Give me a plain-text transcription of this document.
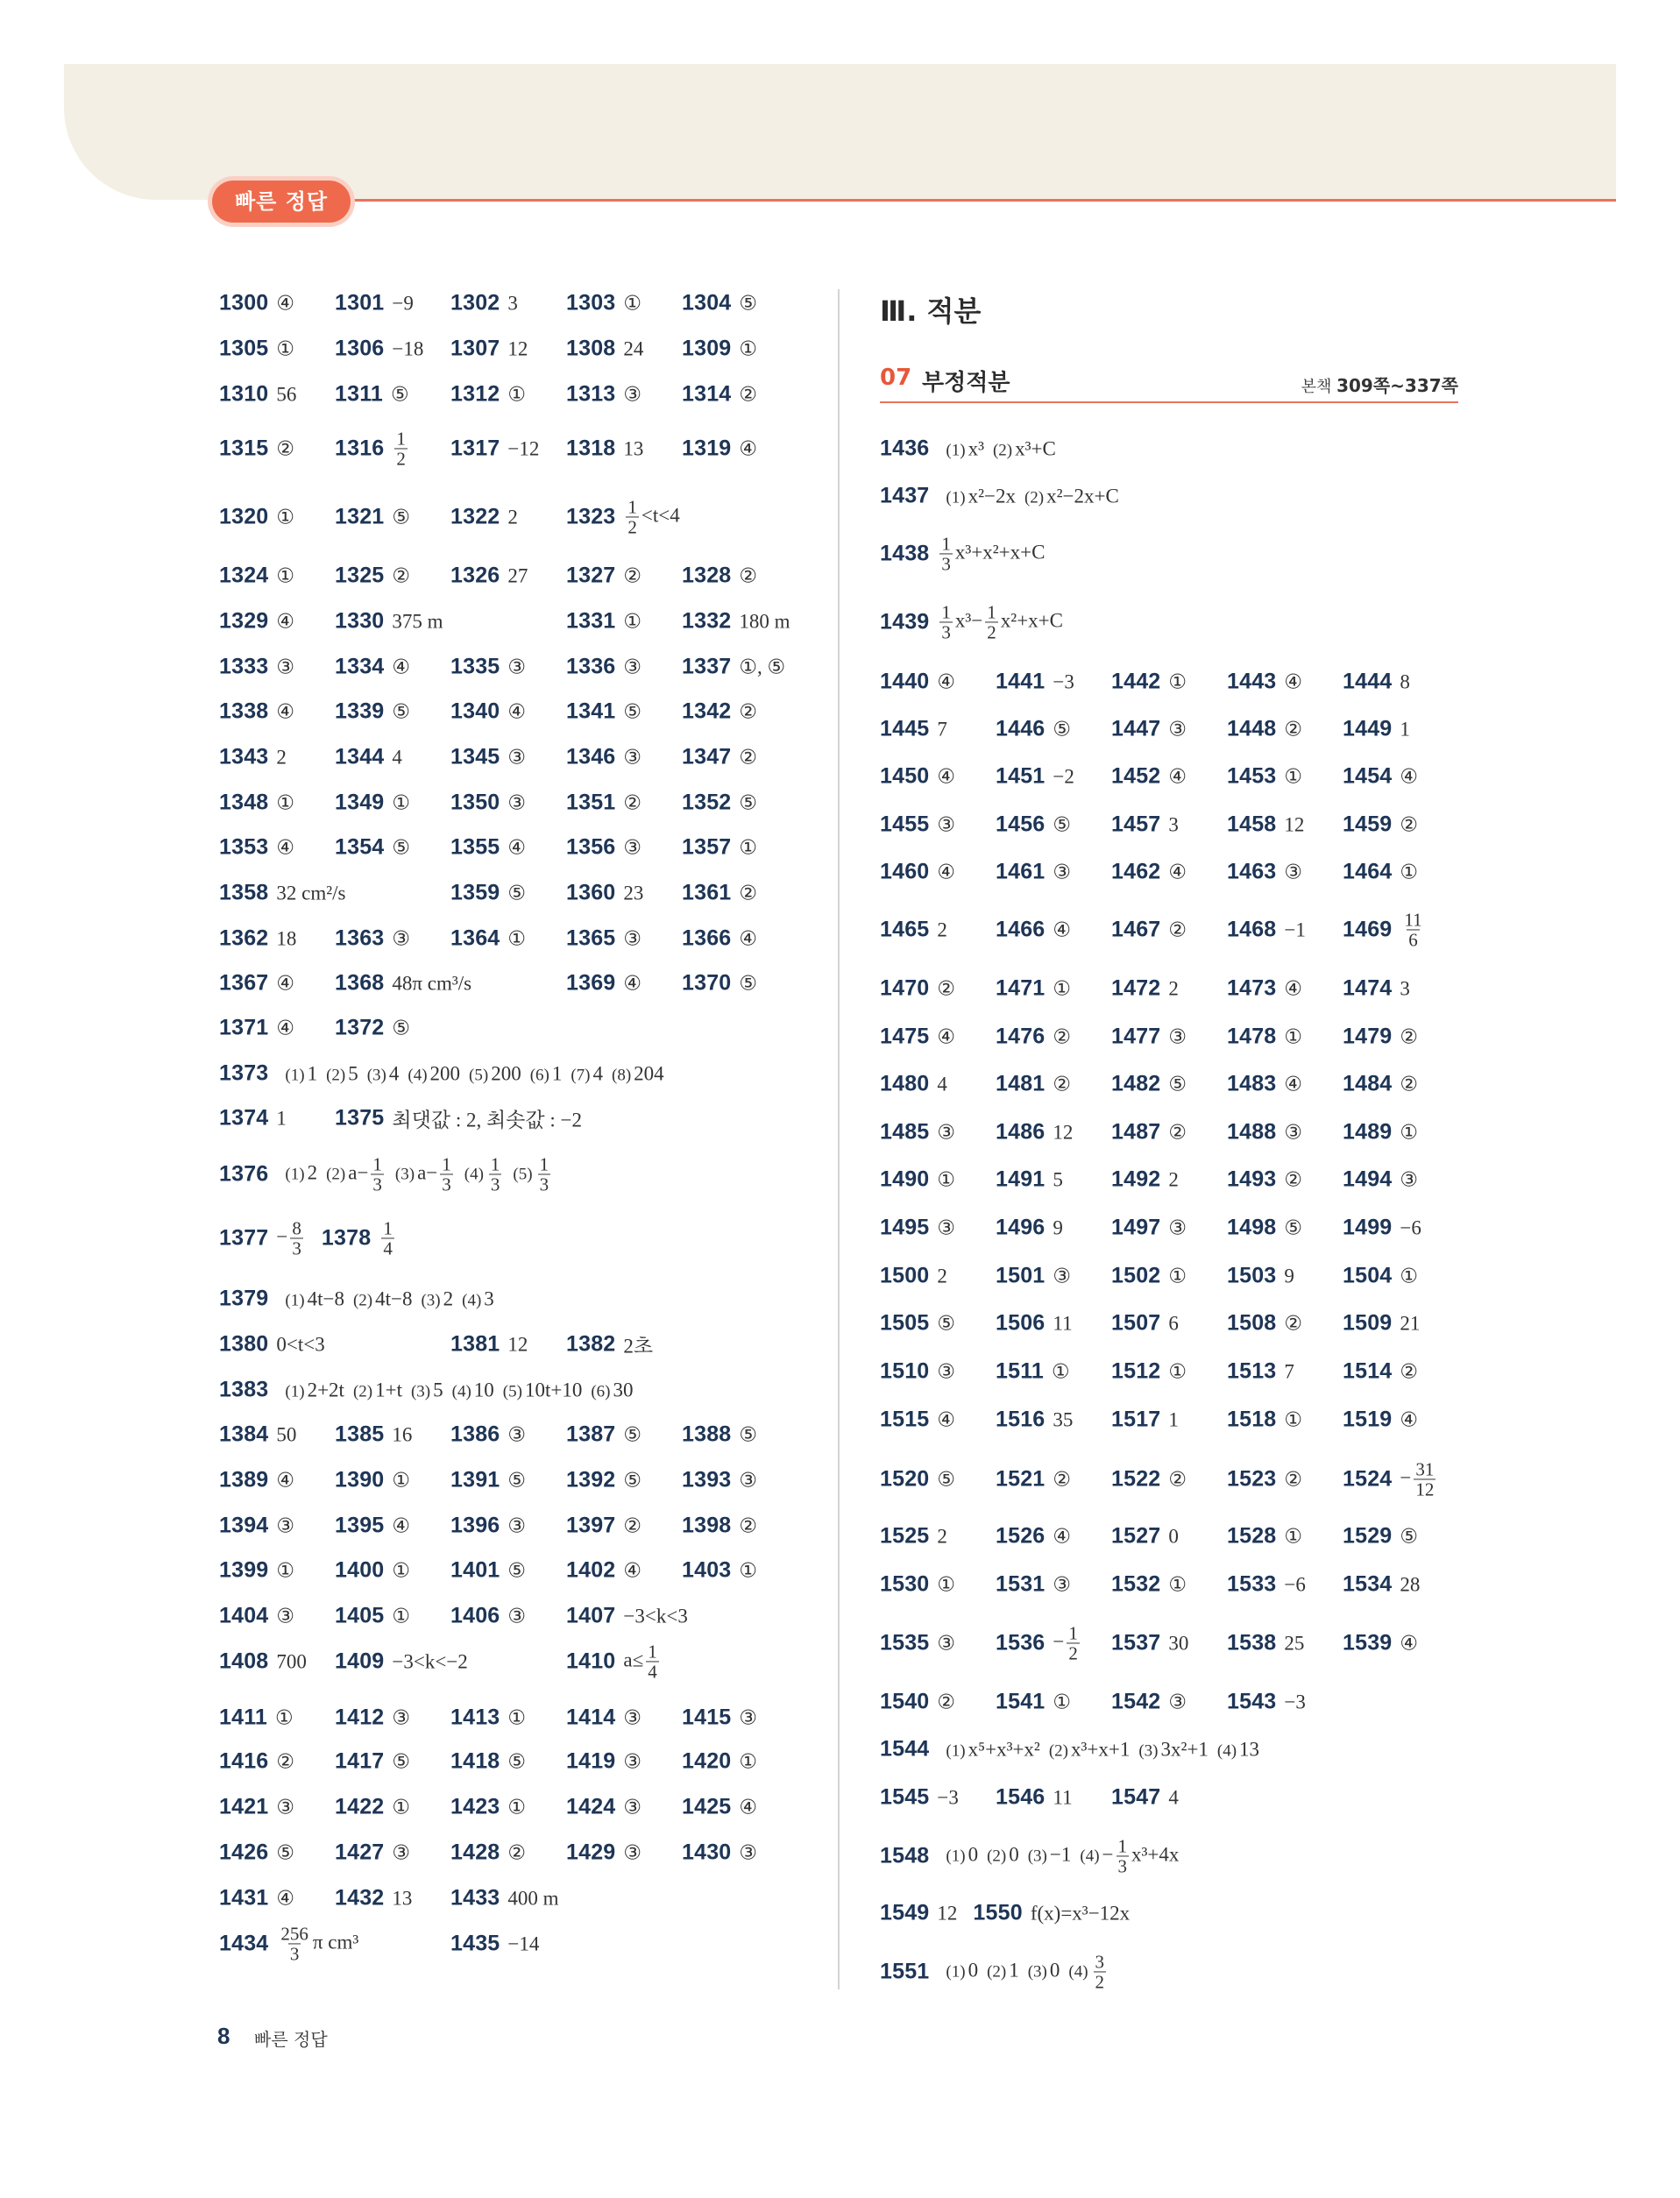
빠른 정답
1300 ④ 1301 −9 1302 3 1303 ① 1304 ⑤
1305 ① 1306 −18 1307 12 1308 24 1309 ①
1310 56 1311 ⑤ 1312 ① 1313 ③ 1314 ②
1315 ② $1316 \frac{1}{2} 1317 -12$ 1318 13 1319 ④
1320 ① 1321 ⑤ 1322 2 $1323 \frac{1}{2} <t<4$
1324 ① 1325 ② 1326 27 1327 ② 1328 ②
1329 ④ 1330 375 m	1331 ① 1332 180 m
1333 ③ 1334 ④ 1335 ③ 1336 ③ 1337 ①, ⑤
1338 ④ 1339 ⑤ 1340 ④ 1341 ⑤ 1342 ②
1343 2 1344 4 1345 ③ 1346 ③ 1347 ②
1348 ① 1349 ① 1350 ③ 1351 ② 1352 ⑤
1353 ④ 1354 ⑤ 1355 ④ 1356 ③ 1357 ①
1358 32 cm²/s	1359 ⑤ 1360 23 1361 ②
1362 18 1363 ③ 1364 ① 1365 ③ 1366 ④
1367 ④ 1368 48π cm³/s	1369 ④ 1370 ⑤
1371 ④ 1372 ⑤
1373	(1) 1 (2) 5 (3) 4 (4) 200 (5) 200 (6) 1 (7) 4 (8) 204
1374 1 1375 최댓값 : 2, 최솟값 : −2
1376	(1) 2 (2) $a- \frac{1}{3} (3)$ $a- \frac{1}{3} (4) \frac{1}{3} (5) \frac{1}{3}$
$1377 - \frac{8}{3} 1378 \frac{1}{4}$
1379	(1) 4t−8 (2) 4t−8 (3) 2 (4) 3
1380 0<t<3	1381 12 1382 2초
1383	(1) 2+2t (2) 1+t (3) 5 (4) 10 (5) 10t+10 (6) 30
1384 50 1385 16 1386 ③ 1387 ⑤ 1388 ⑤
1389 ④ 1390 ① 1391 ⑤ 1392 ⑤ 1393 ③
1394 ③ 1395 ④ 1396 ③ 1397 ② 1398 ②
1399 ① 1400 ① 1401 ⑤ 1402 ④ 1403 ①
1404 ③ 1405 ① 1406 ③ 1407 −3<k<3
1408 700 1409 −3<k<−2	1410 $a\le \frac{1}{4}$
1411 ① 1412 ③ 1413 ① 1414 ③ 1415 ③
1416 ② 1417 ⑤ 1418 ⑤ 1419 ③ 1420 ①
1421 ③ 1422 ① 1423 ① 1424 ③ 1425 ④
1426 ⑤ 1427 ③ 1428 ② 1429 ③ 1430 ③
1431 ④ 1432 13 1433 400 m
$1434 \frac{256}{3}$ π cm³	1435 −14
Ⅲ. 적분
07 부정적분	본책 309쪽~337쪽
1436	(1) x³ (2) x³+C
1437	(1) x²−2x (2) x²−2x+C
$1438 \frac{1}{3} x^3+x^2+x+C$
$1439 \frac{1}{3} x^3- \frac{1}{2} x^2+x+C$
1440 ④ 1441 −3 1442 ① 1443 ④ 1444 8
1445 7 1446 ⑤ 1447 ③ 1448 ② 1449 1
1450 ④ 1451 −2 1452 ④ 1453 ① 1454 ④
1455 ③ 1456 ⑤ 1457 3 1458 12 1459 ②
1460 ④ 1461 ③ 1462 ④ 1463 ③ 1464 ①
1465 2 1466 ④ 1467 ② 1468 −1 $1469 \frac{11}{6}$
1470 ② 1471 ① 1472 2 1473 ④ 1474 3
1475 ④ 1476 ② 1477 ③ 1478 ① 1479 ②
1480 4 1481 ② 1482 ⑤ 1483 ④ 1484 ②
1485 ③ 1486 12 1487 ② 1488 ③ 1489 ①
1490 ① 1491 5 1492 2 1493 ② 1494 ③
1495 ③ 1496 9 1497 ③ 1498 ⑤ 1499 −6
1500 2 1501 ③ 1502 ① 1503 9 1504 ①
1505 ⑤ 1506 11 1507 6 1508 ② 1509 21
1510 ③ 1511 ① 1512 ① 1513 7 1514 ②
1515 ④ 1516 35 1517 1 1518 ① 1519 ④
1520 ⑤ 1521 ② 1522 ② 1523 ② $1524 - \frac{31}{12}$
1525 2 1526 ④ 1527 0 1528 ① 1529 ⑤
1530 ① 1531 ③ 1532 ① 1533 −6 1534 28
1535 ③ $1536 - \frac{1}{2} 1537$ 30 1538 25 1539 ④
1540 ② 1541 ① 1542 ③ 1543 −3
1544	(1) x⁵+x³+x² (2) x³+x+1 (3) 3x²+1 (4) 13
1545 −3 1546 11 1547 4
1548	(1) 0 (2) 0 (3) −1 $(4) - \frac{1}{3} x^3+4x$
1549 12 1550 f(x)=x³−12x
1551	(1) 0 (2) 1 (3) 0 $(4) \frac{3}{2}$
8 빠른 정답
